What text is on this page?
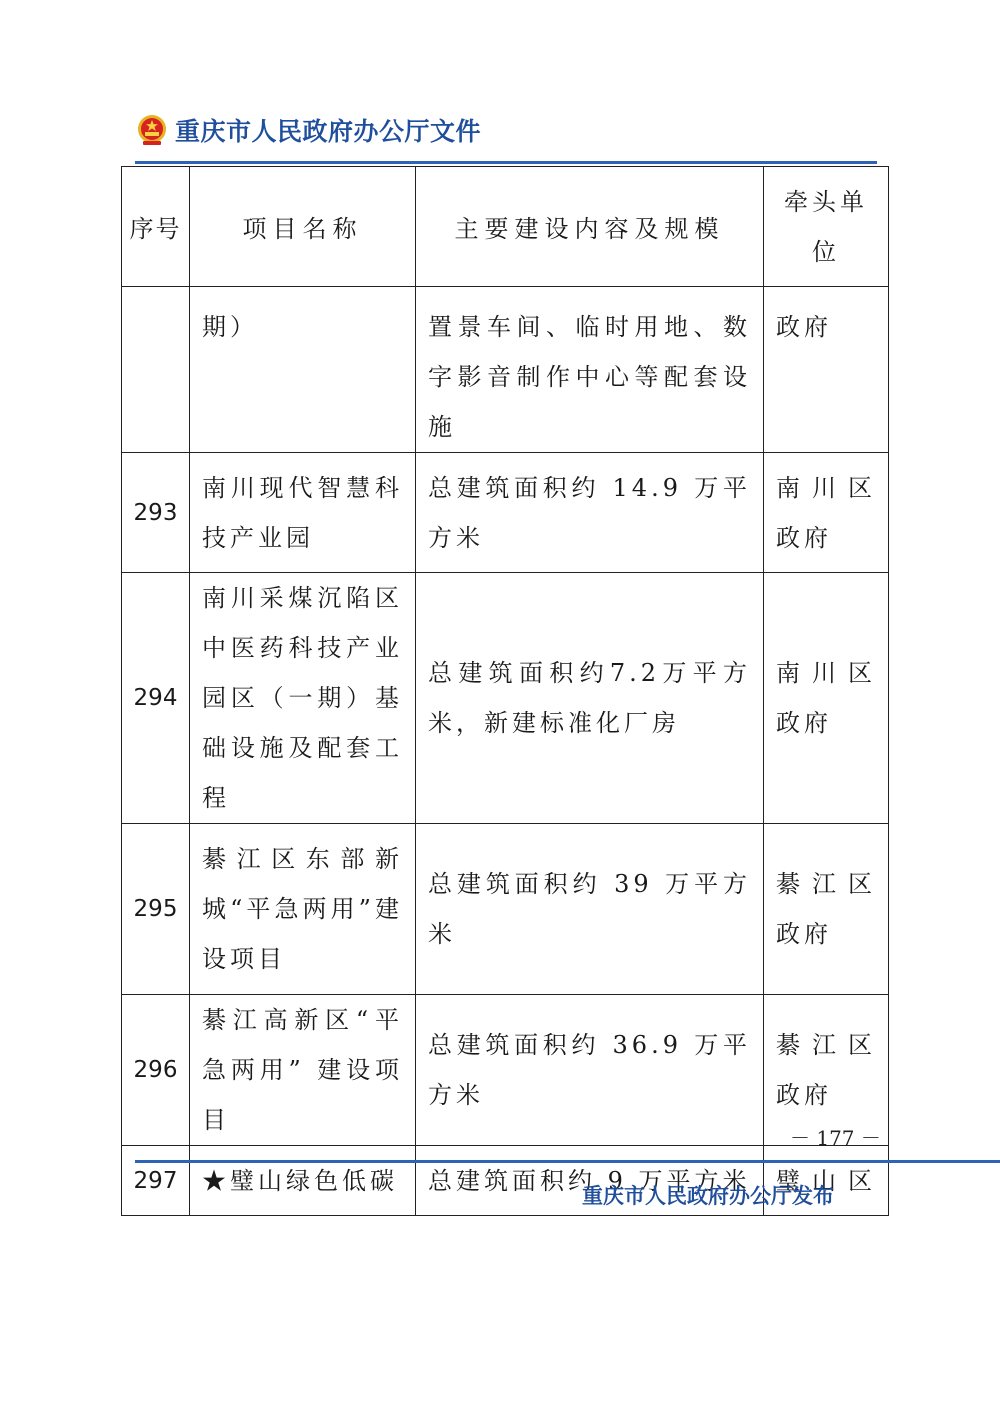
重庆市人民政府办公厅文件
序号	项目名称	主要建设内容及规模	牵头单
位
	期）	置景车间、临时用地、数字影音制作中心等配套设施	政府

293	南川现代智慧科技产业园	总建筑面积约 14.9 万平方米	南川区
政府

294	南川采煤沉陷区中医药科技产业园区（一期）基础设施及配套工程	总建筑面积约7.2万平方米，新建标准化厂房	南川区
政府

295	綦江区东部新城“平急两用”建设项目	总建筑面积约 39 万平方米	綦江区
政府

296	綦江高新区“平急两用” 建设项目	总建筑面积约 36.9 万平方米	綦江区
政府

297	★璧山绿色低碳	总建筑面积约 9 万平方米	璧山区
－ 177 －
重庆市人民政府办公厅发布
